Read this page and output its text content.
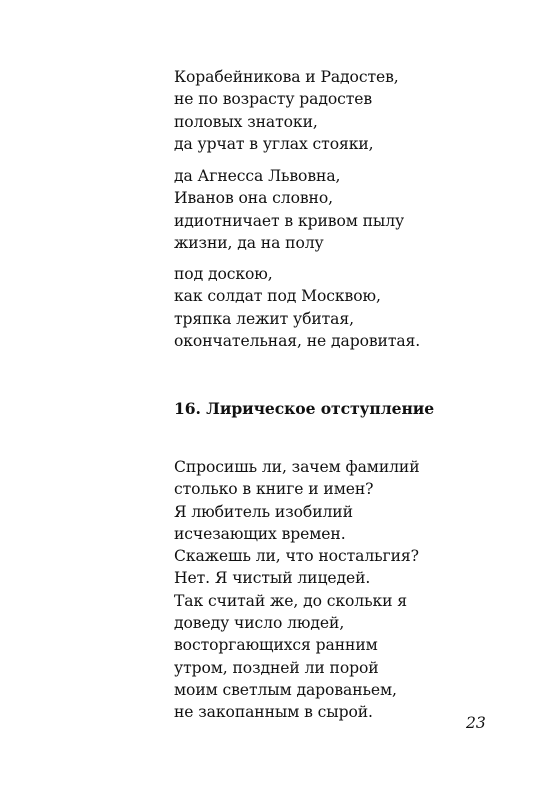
Корабейникова и Радостев,
не по возрасту радостев
половых знатоки,
да урчат в углах стояки,
да Агнесса Львовна,
Иванов она словно,
идиотничает в кривом пылу
жизни, да на полу
под доскою,
как солдат под Москвою,
тряпка лежит убитая,
окончательная, не даровитая.
16. Лирическое отступление
Спросишь ли, зачем фамилий
столько в книге и имен?
Я любитель изобилий
исчезающих времен.
Скажешь ли, что ностальгия?
Нет. Я чистый лицедей.
Так считай же, до скольки я
доведу число людей,
восторгающихся ранним
утром, поздней ли порой
моим светлым дарованьем,
не закопанным в сырой.
23
